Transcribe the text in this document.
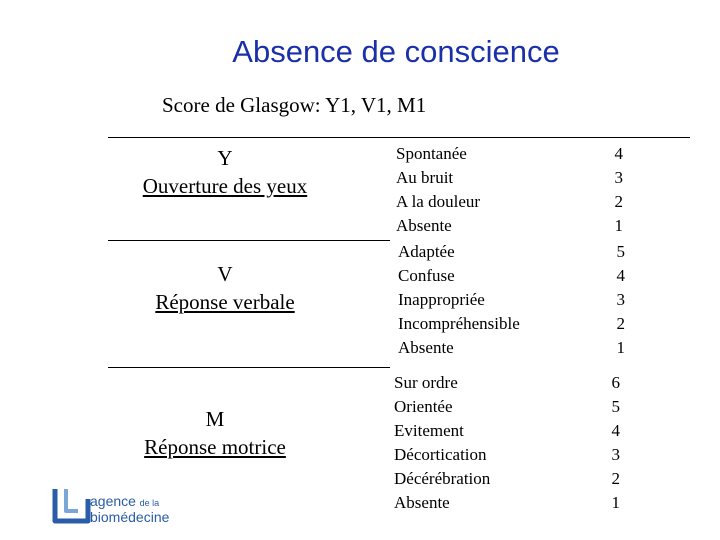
Absence de conscience
Score de Glasgow: Y1, V1, M1
Y
Ouverture des yeux
Spontanée
Au bruit
A la douleur
Absente
4
3
2
1
V
Réponse verbale
Adaptée
Confuse
Inappropriée
Incompréhensible
Absente
5
4
3
2
1
M
Réponse motrice
Sur ordre
Orientée
Evitement
Décortication
Décérébration
Absente
6
5
4
3
2
1
agence de la
biomédecine
